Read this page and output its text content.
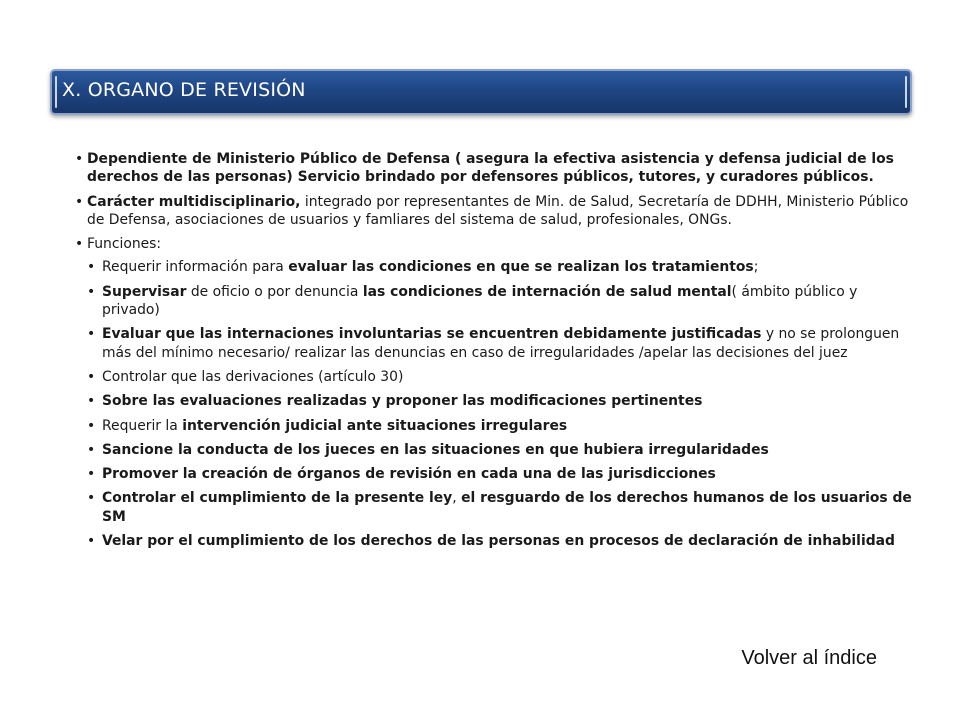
X. ORGANO DE REVISIÓN
• Dependiente de Ministerio Público de Defensa ( asegura la efectiva asistencia y defensa judicial de los derechos de las personas) Servicio brindado por defensores públicos, tutores, y curadores públicos.
• Carácter multidisciplinario, integrado por representantes de Min. de Salud, Secretaría de DDHH, Ministerio Público de Defensa, asociaciones de usuarios y famliares del sistema de salud, profesionales, ONGs.
• Funciones:
• Requerir información para evaluar las condiciones en que se realizan los tratamientos;
• Supervisar de oficio o por denuncia las condiciones de internación de salud mental( ámbito público y privado)
• Evaluar que las internaciones involuntarias se encuentren debidamente justificadas y no se prolonguen más del mínimo necesario/ realizar las denuncias en caso de irregularidades /apelar las decisiones del juez
• Controlar que las derivaciones (artículo 30)
• Sobre las evaluaciones realizadas y proponer las modificaciones pertinentes
• Requerir la intervención judicial ante situaciones irregulares
• Sancione la conducta de los jueces en las situaciones en que hubiera irregularidades
• Promover la creación de órganos de revisión en cada una de las jurisdicciones
• Controlar el cumplimiento de la presente ley, el resguardo de los derechos humanos de los usuarios de SM
• Velar por el cumplimiento de los derechos de las personas en procesos de declaración de inhabilidad
Volver al índice
